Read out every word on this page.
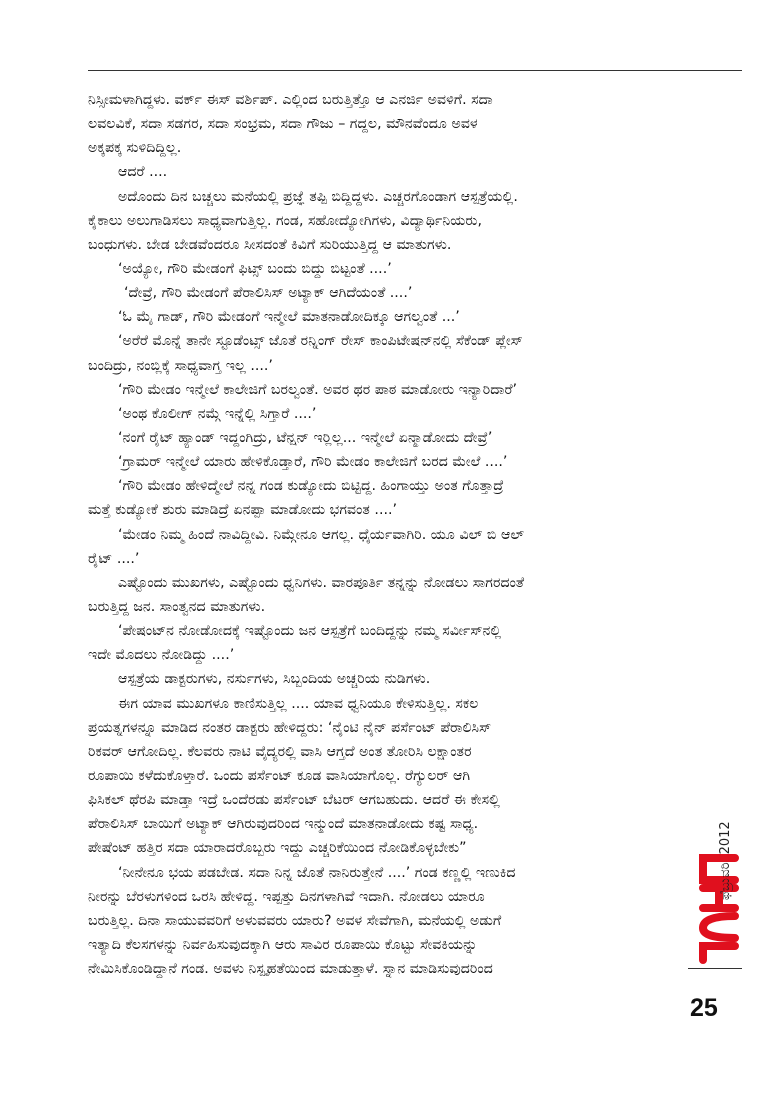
ನಿಸ್ಸೀಮಳಾಗಿದ್ದಳು. ವರ್ಕ್ ಈಸ್ ವರ್ಶಿಪ್. ಎಲ್ಲಿಂದ ಬರುತ್ತಿತ್ತೊ ಆ ಎನರ್ಜಿ ಅವಳಿಗೆ. ಸದಾ
ಲವಲವಿಕೆ, ಸದಾ ಸಡಗರ, ಸದಾ ಸಂಭ್ರಮ, ಸದಾ ಗೌಜು – ಗದ್ದಲ, ಮೌನವೆಂದೂ ಅವಳ
ಅಕ್ಕಪಕ್ಕ ಸುಳಿದಿದ್ದಿಲ್ಲ.
ಆದರೆ ....
ಅದೊಂದು ದಿನ ಬಚ್ಚಲು ಮನೆಯಲ್ಲಿ ಪ್ರಜ್ಞೆ ತಪ್ಪಿ ಬಿದ್ದಿದ್ದಳು. ಎಚ್ಚರಗೊಂಡಾಗ ಆಸ್ಪತ್ರೆಯಲ್ಲಿ.
ಕೈಕಾಲು ಅಲುಗಾಡಿಸಲು ಸಾಧ್ಯವಾಗುತ್ತಿಲ್ಲ. ಗಂಡ, ಸಹೋದ್ಯೋಗಿಗಳು, ವಿದ್ಯಾರ್ಥಿನಿಯರು,
ಬಂಧುಗಳು. ಬೇಡ ಬೇಡವೆಂದರೂ ಸೀಸದಂತೆ ಕಿವಿಗೆ ಸುರಿಯುತ್ತಿದ್ದ ಆ ಮಾತುಗಳು.
‘ಅಯ್ಯೋ, ಗೌರಿ ಮೇಡಂಗೆ ಫಿಟ್ಸ್ ಬಂದು ಬಿದ್ದು ಬಿಟ್ಟಂತೆ ....’
‘ದೇವ್ರೆ, ಗೌರಿ ಮೇಡಂಗೆ ಪೆರಾಲಿಸಿಸ್ ಅಟ್ಯಾಕ್ ಆಗಿದೆಯಂತೆ ....’
‘ಓ ಮೈ ಗಾಡ್, ಗೌರಿ ಮೇಡಂಗೆ ಇನ್ಮೇಲೆ ಮಾತನಾಡೋದಿಕ್ಕೂ ಆಗಲ್ವಂತೆ ...’
‘ಅರೆರೆ ಮೊನ್ನೆ ತಾನೇ ಸ್ಟೂಡೆಂಟ್ಸ್ ಜೊತೆ ರನ್ನಿಂಗ್ ರೇಸ್ ಕಾಂಪಿಟೇಷನ್‌ನಲ್ಲಿ ಸೆಕೆಂಡ್ ಪ್ಲೇಸ್
ಬಂದಿದ್ರು, ನಂಬ್ಲಿಕ್ಕೆ ಸಾಧ್ಯವಾಗ್ತ ಇಲ್ಲ ....’
‘ಗೌರಿ ಮೇಡಂ ಇನ್ಮೇಲೆ ಕಾಲೇಜಿಗೆ ಬರಲ್ವಂತೆ. ಅವರ ಥರ ಪಾಠ ಮಾಡೋರು ಇನ್ಯಾರಿದಾರೆ’
‘ಅಂಥ ಕೊಲೀಗ್ ನಮ್ಗೆ ಇನ್ನೆಲ್ಲಿ ಸಿಗ್ತಾರೆ ....’
‘ನಂಗೆ ರೈಟ್ ಹ್ಯಾಂಡ್ ಇದ್ದಂಗಿದ್ರು, ಟೆನ್ಷನ್ ಇರ್‍ಲಿಲ್ಲ... ಇನ್ಮೇಲೆ ಏನ್ಮಾಡೋದು ದೇವ್ರೆ’
‘ಗ್ರಾಮರ್ ಇನ್ಮೇಲೆ ಯಾರು ಹೇಳಿಕೊಡ್ತಾರೆ, ಗೌರಿ ಮೇಡಂ ಕಾಲೇಜಿಗೆ ಬರದ ಮೇಲೆ ....’
‘ಗೌರಿ ಮೇಡಂ ಹೇಳಿದ್ಮೇಲೆ ನನ್ನ ಗಂಡ ಕುಡ್ಯೋದು ಬಿಟ್ಟಿದ್ದ. ಹಿಂಗಾಯ್ತು ಅಂತ ಗೊತ್ತಾದ್ರೆ
ಮತ್ತೆ ಕುಡ್ಯೋಕೆ ಶುರು ಮಾಡಿದ್ರೆ ಏನಪ್ಪಾ ಮಾಡೋದು ಭಗವಂತ ....’
‘ಮೇಡಂ ನಿಮ್ಮ ಹಿಂದೆ ನಾವಿದ್ದೀವಿ. ನಿಮ್ಗೇನೂ ಆಗಲ್ಲ. ಧೈರ್ಯವಾಗಿರಿ. ಯೂ ವಿಲ್ ಬಿ ಆಲ್
ರೈಟ್ ....’
ಎಷ್ಟೊಂದು ಮುಖಗಳು, ಎಷ್ಟೊಂದು ಧ್ವನಿಗಳು. ವಾರಪೂರ್ತಿ ತನ್ನನ್ನು ನೋಡಲು ಸಾಗರದಂತೆ
ಬರುತ್ತಿದ್ದ ಜನ. ಸಾಂತ್ವನದ ಮಾತುಗಳು.
‘ಪೇಷಂಟ್‌ನ ನೋಡೋದಕ್ಕೆ ಇಷ್ಟೊಂದು ಜನ ಆಸ್ಪತ್ರೆಗೆ ಬಂದಿದ್ದನ್ನು ನಮ್ಮ ಸರ್ವೀಸ್‌ನಲ್ಲಿ
ಇದೇ ಮೊದಲು ನೋಡಿದ್ದು ....’
ಆಸ್ಪತ್ರೆಯ ಡಾಕ್ಟರುಗಳು, ನರ್ಸುಗಳು, ಸಿಬ್ಬಂದಿಯ ಅಚ್ಚರಿಯ ನುಡಿಗಳು.
ಈಗ ಯಾವ ಮುಖಗಳೂ ಕಾಣಿಸುತ್ತಿಲ್ಲ .... ಯಾವ ಧ್ವನಿಯೂ ಕೇಳಿಸುತ್ತಿಲ್ಲ. ಸಕಲ
ಪ್ರಯತ್ನಗಳನ್ನೂ ಮಾಡಿದ ನಂತರ ಡಾಕ್ಟರು ಹೇಳಿದ್ದರು: ‘ನೈಂಟಿ ನೈನ್ ಪರ್ಸೆಂಟ್ ಪೆರಾಲಿಸಿಸ್
ರಿಕವರ್ ಆಗೋದಿಲ್ಲ. ಕೆಲವರು ನಾಟಿ ವೈದ್ಯರಲ್ಲಿ ವಾಸಿ ಆಗ್ತದೆ ಅಂತ ತೋರಿಸಿ ಲಕ್ಷಾಂತರ
ರೂಪಾಯಿ ಕಳೆದುಕೊಳ್ತಾರೆ. ಒಂದು ಪರ್ಸೆಂಟ್ ಕೂಡ ವಾಸಿಯಾಗೊಲ್ಲ. ರೆಗ್ಯುಲರ್ ಆಗಿ
ಫಿಸಿಕಲ್ ಥೆರಪಿ ಮಾಡ್ತಾ ಇದ್ರೆ ಒಂದೆರಡು ಪರ್ಸೆಂಟ್ ಬೆಟರ್ ಆಗಬಹುದು. ಆದರೆ ಈ ಕೇಸಲ್ಲಿ
ಪೆರಾಲಿಸಿಸ್ ಬಾಯಿಗೆ ಅಟ್ಯಾಕ್ ಆಗಿರುವುದರಿಂದ ಇನ್ಮುಂದೆ ಮಾತನಾಡೋದು ಕಷ್ಟ ಸಾಧ್ಯ.
ಪೇಷೆಂಟ್ ಹತ್ತಿರ ಸದಾ ಯಾರಾದರೊಬ್ಬರು ಇದ್ದು ಎಚ್ಚರಿಕೆಯಿಂದ ನೋಡಿಕೊಳ್ಳಬೇಕು”
‘ನೀನೇನೂ ಭಯ ಪಡಬೇಡ. ಸದಾ ನಿನ್ನ ಜೊತೆ ನಾನಿರುತ್ತೇನೆ ....’ ಗಂಡ ಕಣ್ಣಲ್ಲಿ ಇಣುಕಿದ
ನೀರನ್ನು ಬೆರಳುಗಳಿಂದ ಒರಸಿ ಹೇಳಿದ್ದ. ಇಪ್ಪತ್ತು ದಿನಗಳಾಗಿವೆ ಇದಾಗಿ. ನೋಡಲು ಯಾರೂ
ಬರುತ್ತಿಲ್ಲ. ದಿನಾ ಸಾಯುವವರಿಗೆ ಅಳುವವರು ಯಾರು? ಅವಳ ಸೇವೆಗಾಗಿ, ಮನೆಯಲ್ಲಿ ಅಡುಗೆ
ಇತ್ಯಾದಿ ಕೆಲಸಗಳನ್ನು ನಿರ್ವಹಿಸುವುದಕ್ಕಾಗಿ ಆರು ಸಾವಿರ ರೂಪಾಯಿ ಕೊಟ್ಟು ಸೇವಕಿಯನ್ನು
ನೇಮಿಸಿಕೊಂಡಿದ್ದಾನೆ ಗಂಡ. ಅವಳು ನಿಸ್ಪೃಹತೆಯಿಂದ ಮಾಡುತ್ತಾಳೆ. ಸ್ನಾನ ಮಾಡಿಸುವುದರಿಂದ
ಫೆಬ್ರುವರಿ2012
25
